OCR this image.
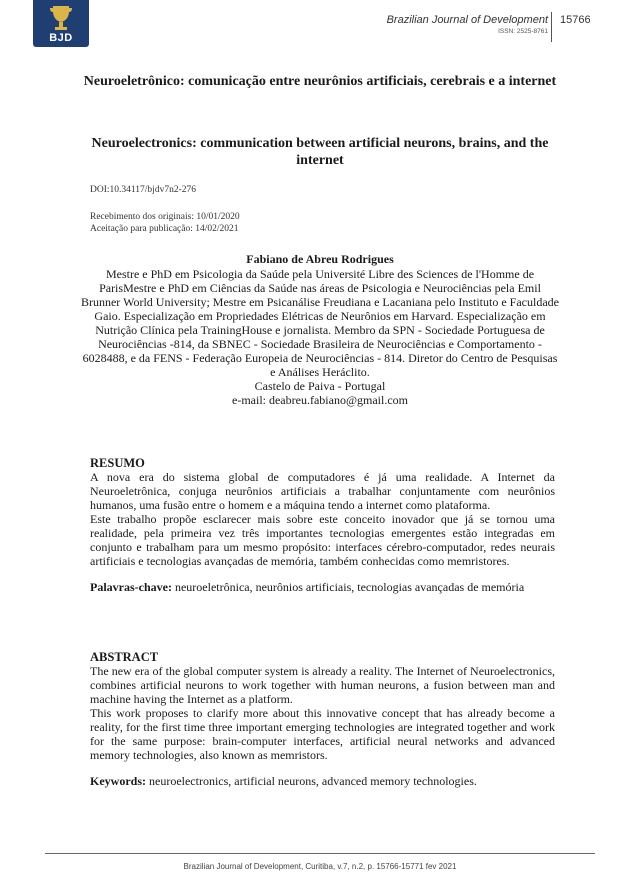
BJD
Brazilian Journal of Development
ISSN: 2525-8761
15766
Neuroeletrônico: comunicação entre neurônios artificiais, cerebrais e a internet
Neuroelectronics: communication between artificial neurons, brains, and the internet
DOI:10.34117/bjdv7n2-276
Recebimento dos originais: 10/01/2020
Aceitação para publicação: 14/02/2021
Fabiano de Abreu Rodrigues
Mestre e PhD em Psicologia da Saúde pela Université Libre des Sciences de l'Homme de ParisMestre e PhD em Ciências da Saúde nas áreas de Psicologia e Neurociências pela Emil Brunner World University; Mestre em Psicanálise Freudiana e Lacaniana pelo Instituto e Faculdade Gaio. Especialização em Propriedades Elétricas de Neurônios em Harvard. Especialização em Nutrição Clínica pela TrainingHouse e jornalista. Membro da SPN - Sociedade Portuguesa de Neurociências -814, da SBNEC - Sociedade Brasileira de Neurociências e Comportamento - 6028488, e da FENS - Federação Europeia de Neurociências - 814. Diretor do Centro de Pesquisas e Análises Heráclito.
Castelo de Paiva - Portugal
e-mail: deabreu.fabiano@gmail.com
RESUMO
A nova era do sistema global de computadores é já uma realidade. A Internet da Neuroeletrônica, conjuga neurônios artificiais a trabalhar conjuntamente com neurônios humanos, uma fusão entre o homem e a máquina tendo a internet como plataforma.
Este trabalho propõe esclarecer mais sobre este conceito inovador que já se tornou uma realidade, pela primeira vez três importantes tecnologias emergentes estão integradas em conjunto e trabalham para um mesmo propósito: interfaces cérebro-computador, redes neurais artificiais e tecnologias avançadas de memória, também conhecidas como memristores.
Palavras-chave: neuroeletrônica, neurônios artificiais, tecnologias avançadas de memória
ABSTRACT
The new era of the global computer system is already a reality. The Internet of Neuroelectronics, combines artificial neurons to work together with human neurons, a fusion between man and machine having the Internet as a platform.
This work proposes to clarify more about this innovative concept that has already become a reality, for the first time three important emerging technologies are integrated together and work for the same purpose: brain-computer interfaces, artificial neural networks and advanced memory technologies, also known as memristors.
Keywords: neuroelectronics, artificial neurons, advanced memory technologies.
Brazilian Journal of Development, Curitiba, v.7, n.2, p. 15766-15771 fev 2021
